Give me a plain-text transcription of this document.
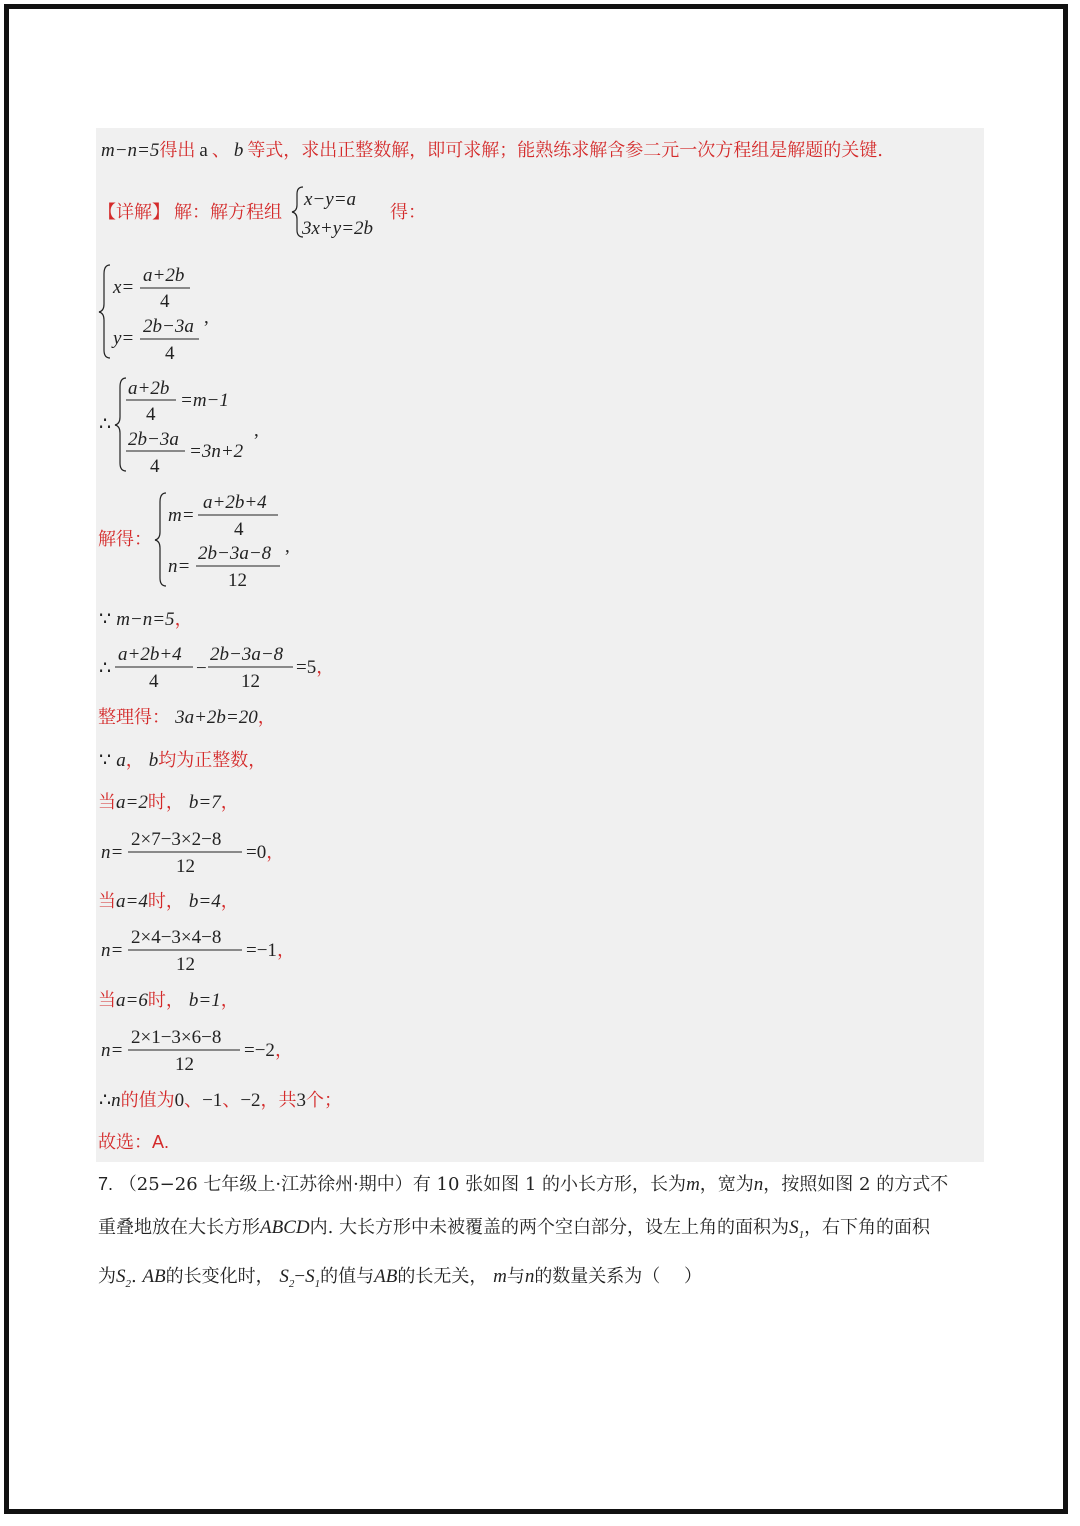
m−n=5得出 a 、 b 等式，求出正整数解，即可求解；能熟练求解含参二元一次方程组是解题的关键.
【详解】 解：解方程组
x−y=a
3x+y=2b
得：
x=
a+2b
4
y=
2b−3a
4
,
∴
a+2b
4
=m−1
2b−3a
4
=3n+2
,
解得：
m=
a+2b+4
4
n=
2b−3a−8
12
,
∵ m−n=5，
∴
a+2b+4
4
−
2b−3a−8
12
=5，
整理得： 3a+2b=20，
∵ a， b均为正整数，
当a=2时， b=7，
n=
2×7−3×2−8
12
=0，
当a=4时， b=4，
n=
2×4−3×4−8
12
=−1，
当a=6时， b=1，
n=
2×1−3×6−8
12
=−2，
∴n的值为0、−1、−2，共3个；
故选：A.
7. （25−26 七年级上·江苏徐州·期中）有 10 张如图 1 的小长方形，长为m，宽为n，按照如图 2 的方式不
重叠地放在大长方形ABCD内. 大长方形中未被覆盖的两个空白部分，设左上角的面积为$S_1$，右下角的面积
为$S_2$. AB的长变化时， $S_2-S_1$的值与AB的长无关， m与n的数量关系为（　 ）
